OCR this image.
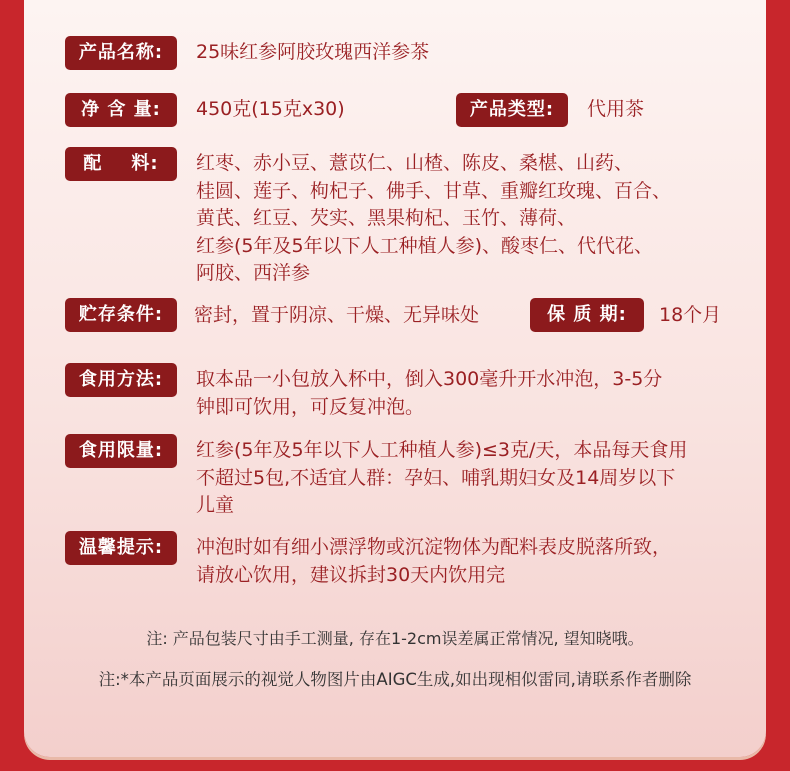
产品名称:	25味红参阿胶玫瑰西洋参茶
净 含 量:	450克(15克x30)	产品类型:	代用茶
配    料:	红枣、赤小豆、薏苡仁、山楂、陈皮、桑椹、山药、
桂圆、莲子、枸杞子、佛手、甘草、重瓣红玫瑰、百合、
黄芪、红豆、芡实、黑果枸杞、玉竹、薄荷、
红参(5年及5年以下人工种植人参)、酸枣仁、代代花、
阿胶、西洋参
贮存条件:	密封，置于阴凉、干燥、无异味处	保 质 期:	18个月
食用方法:	取本品一小包放入杯中，倒入300毫升开水冲泡，3-5分
钟即可饮用，可反复冲泡。
食用限量:	红参(5年及5年以下人工种植人参)≤3克/天，本品每天食用
不超过5包,不适宜人群：孕妇、哺乳期妇女及14周岁以下
儿童
温馨提示:	冲泡时如有细小漂浮物或沉淀物体为配料表皮脱落所致，
请放心饮用，建议拆封30天内饮用完
注: 产品包装尺寸由手工测量, 存在1-2cm误差属正常情况, 望知晓哦。
注:*本产品页面展示的视觉人物图片由AIGC生成,如出现相似雷同,请联系作者删除
